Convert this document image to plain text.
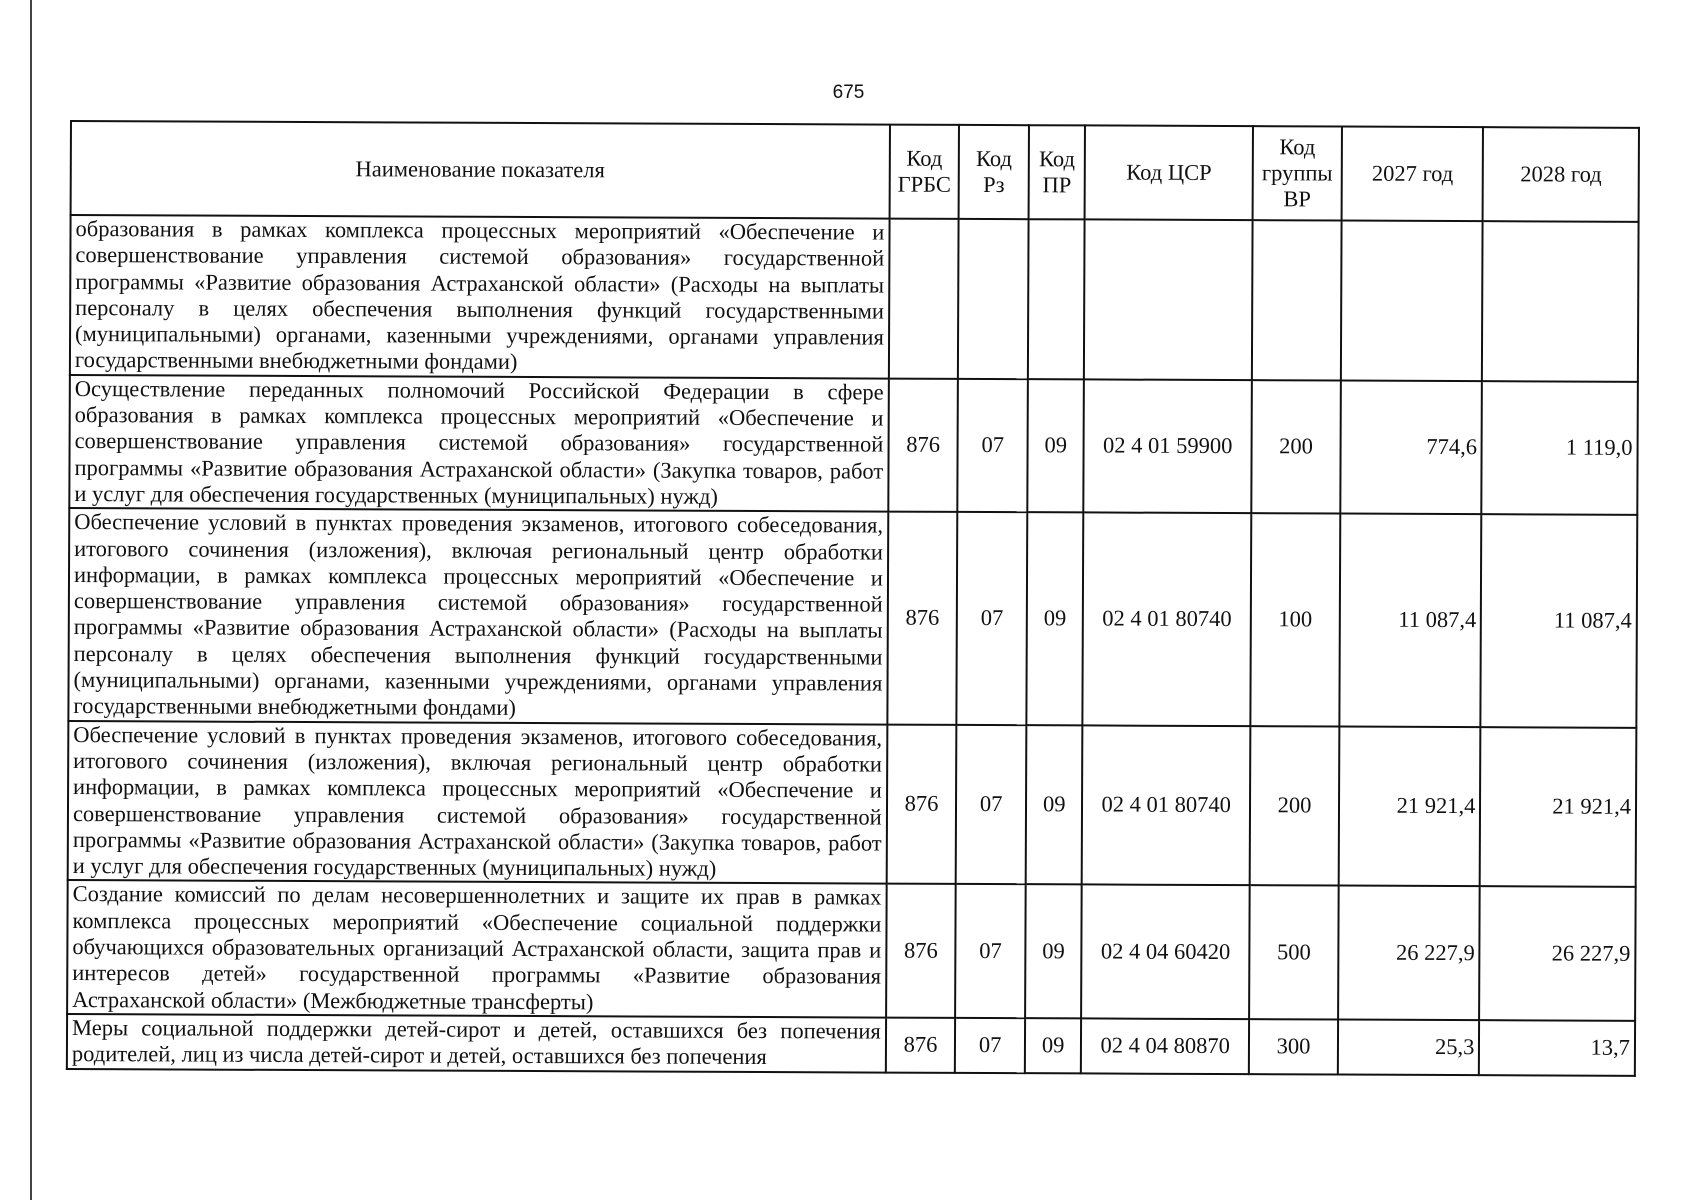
675
Наименование показателя	Код ГРБС	Код Рз	Код ПР	Код ЦСР	Код группы ВР	2027 год	2028 год
образования в рамках комплекса процессных мероприятий «Обеспечение и совершенствование управления системой образования» государственной программы «Развитие образования Астраханской области» (Расходы на выплаты персоналу в целях обеспечения выполнения функций государственными (муниципальными) органами, казенными учреждениями, органами управления государственными внебюджетными фондами)							
Осуществление переданных полномочий Российской Федерации в сфере образования в рамках комплекса процессных мероприятий «Обеспечение и совершенствование управления системой образования» государственной программы «Развитие образования Астраханской области» (Закупка товаров, работ и услуг для обеспечения государственных (муниципальных) нужд)	876	07	09	02 4 01 59900	200	774,6	1 119,0
Обеспечение условий в пунктах проведения экзаменов, итогового собеседования, итогового сочинения (изложения), включая региональный центр обработки информации, в рамках комплекса процессных мероприятий «Обеспечение и совершенствование управления системой образования» государственной программы «Развитие образования Астраханской области» (Расходы на выплаты персоналу в целях обеспечения выполнения функций государственными (муниципальными) органами, казенными учреждениями, органами управления государственными внебюджетными фондами)	876	07	09	02 4 01 80740	100	11 087,4	11 087,4
Обеспечение условий в пунктах проведения экзаменов, итогового собеседования, итогового сочинения (изложения), включая региональный центр обработки информации, в рамках комплекса процессных мероприятий «Обеспечение и совершенствование управления системой образования» государственной программы «Развитие образования Астраханской области» (Закупка товаров, работ и услуг для обеспечения государственных (муниципальных) нужд)	876	07	09	02 4 01 80740	200	21 921,4	21 921,4
Создание комиссий по делам несовершеннолетних и защите их прав в рамках комплекса процессных мероприятий «Обеспечение социальной поддержки обучающихся образовательных организаций Астраханской области, защита прав и интересов детей» государственной программы «Развитие образования Астраханской области» (Межбюджетные трансферты)	876	07	09	02 4 04 60420	500	26 227,9	26 227,9
Меры социальной поддержки детей-сирот и детей, оставшихся без попечения родителей, лиц из числа детей-сирот и детей, оставшихся без попечения	876	07	09	02 4 04 80870	300	25,3	13,7
